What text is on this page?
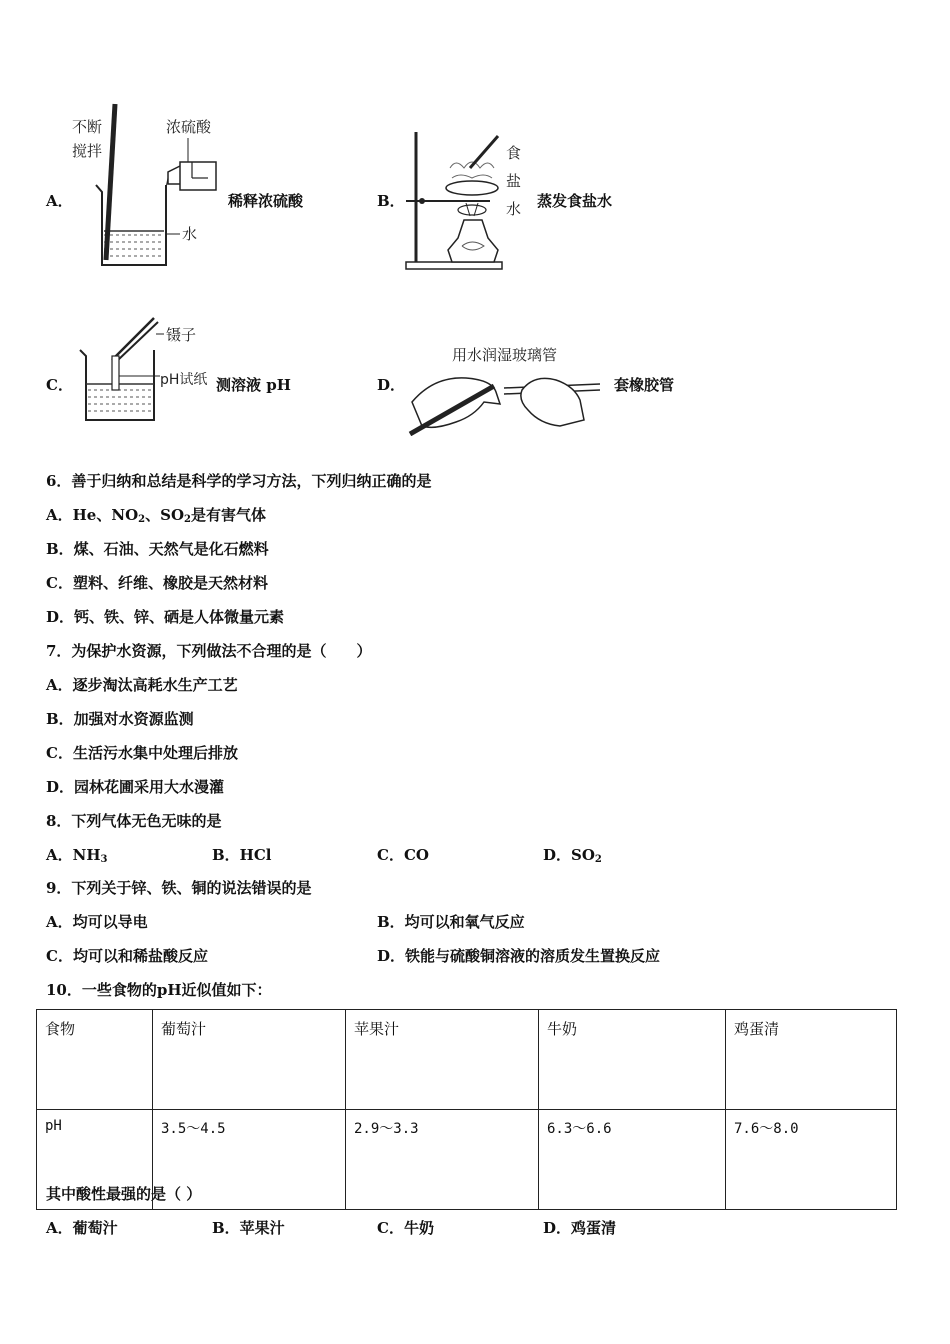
A．
不断
搅拌
浓硫酸
水
稀释浓硫酸	B．
食
盐
水 蒸发食盐水
C．
镊子
pH试纸 测溶液 pH	D．
用水润湿玻璃管
套橡胶管
6．善于归纳和总结是科学的学习方法，下列归纳正确的是
A．He、$NO_2$、$SO_2$是有害气体
B．煤、石油、天然气是化石燃料
C．塑料、纤维、橡胶是天然材料
D．钙、铁、锌、硒是人体微量元素
7．为保护水资源，下列做法不合理的是（　　）
A．逐步淘汰高耗水生产工艺
B．加强对水资源监测
C．生活污水集中处理后排放
D．园林花圃采用大水漫灌
8．下列气体无色无味的是
A．$NH_3$	B．HCl	C．CO	D．$SO_2$
9．下列关于锌、铁、铜的说法错误的是
A．均可以导电	B．均可以和氧气反应
C．均可以和稀盐酸反应	D．铁能与硫酸铜溶液的溶质发生置换反应
10．一些食物的pH近似值如下：
食物	葡萄汁	苹果汁	牛奶	鸡蛋清
pH	3.5～4.5	2.9～3.3	6.3～6.6	7.6～8.0
其中酸性最强的是（ ）
A．葡萄汁	B．苹果汁	C．牛奶	D．鸡蛋清
